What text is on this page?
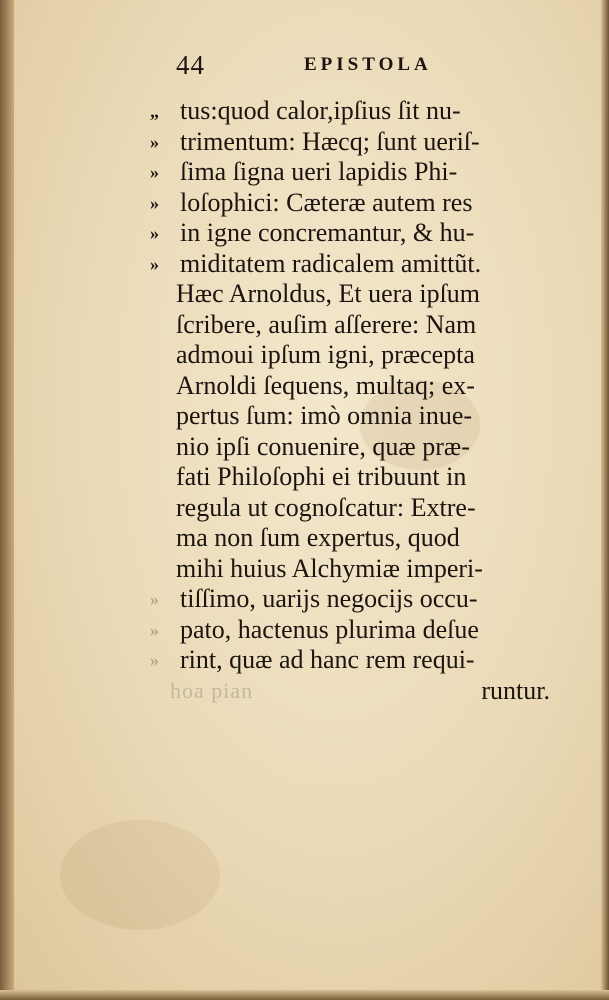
44	EPISTOLA
„ tus:quod calor,ipſius ſit nu-
» trimentum: Hæcq; ſunt ueriſ-
» ſima ſigna ueri lapidis Phi-
» loſophici: Cæteræ autem res
» in igne concremantur, & hu-
» miditatem radicalem amittũt.
Hæc Arnoldus, Et uera ipſum
ſcribere, auſim aſſerere: Nam
admoui ipſum igni, præcepta
Arnoldi ſequens, multaq; ex-
pertus ſum: imò omnia inue-
nio ipſi conuenire, quæ præ-
fati Philoſophi ei tribuunt in
regula ut cognoſcatur: Extre-
ma non ſum expertus, quod
mihi huius Alchymiæ imperi-
» tiſſimo, uarijs negocijs occu-
» pato, hactenus plurima deſue
» rint, quæ ad hanc rem requi-
hoa pian	runtur.
